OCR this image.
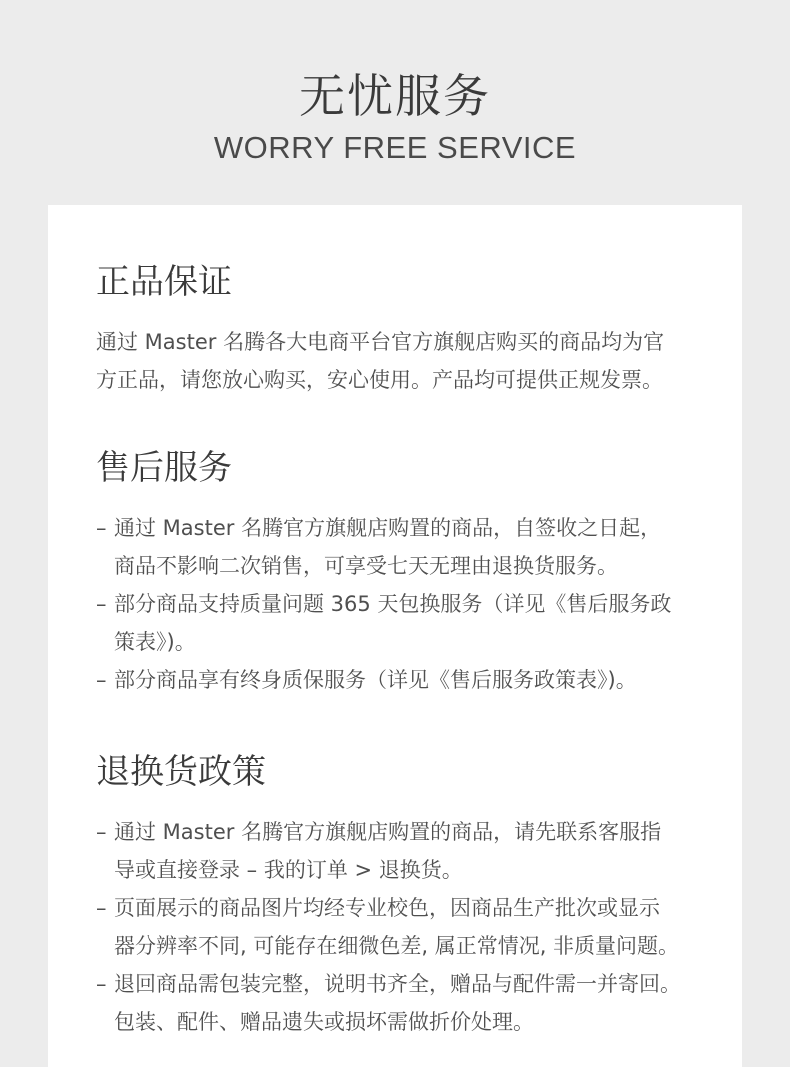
无忧服务
WORRY FREE SERVICE
正品保证
通过 Master 名腾各大电商平台官方旗舰店购买的商品均为官
方正品，请您放心购买，安心使用。产品均可提供正规发票。
售后服务
– 通过 Master 名腾官方旗舰店购置的商品，自签收之日起，
商品不影响二次销售，可享受七天无理由退换货服务。
– 部分商品支持质量问题 365 天包换服务（详见《售后服务政
策表》)。
– 部分商品享有终身质保服务（详见《售后服务政策表》)。
退换货政策
– 通过 Master 名腾官方旗舰店购置的商品，请先联系客服指
导或直接登录 – 我的订单 > 退换货。
– 页面展示的商品图片均经专业校色，因商品生产批次或显示
器分辨率不同, 可能存在细微色差, 属正常情况, 非质量问题。
– 退回商品需包装完整，说明书齐全，赠品与配件需一并寄回。
包装、配件、赠品遗失或损坏需做折价处理。
